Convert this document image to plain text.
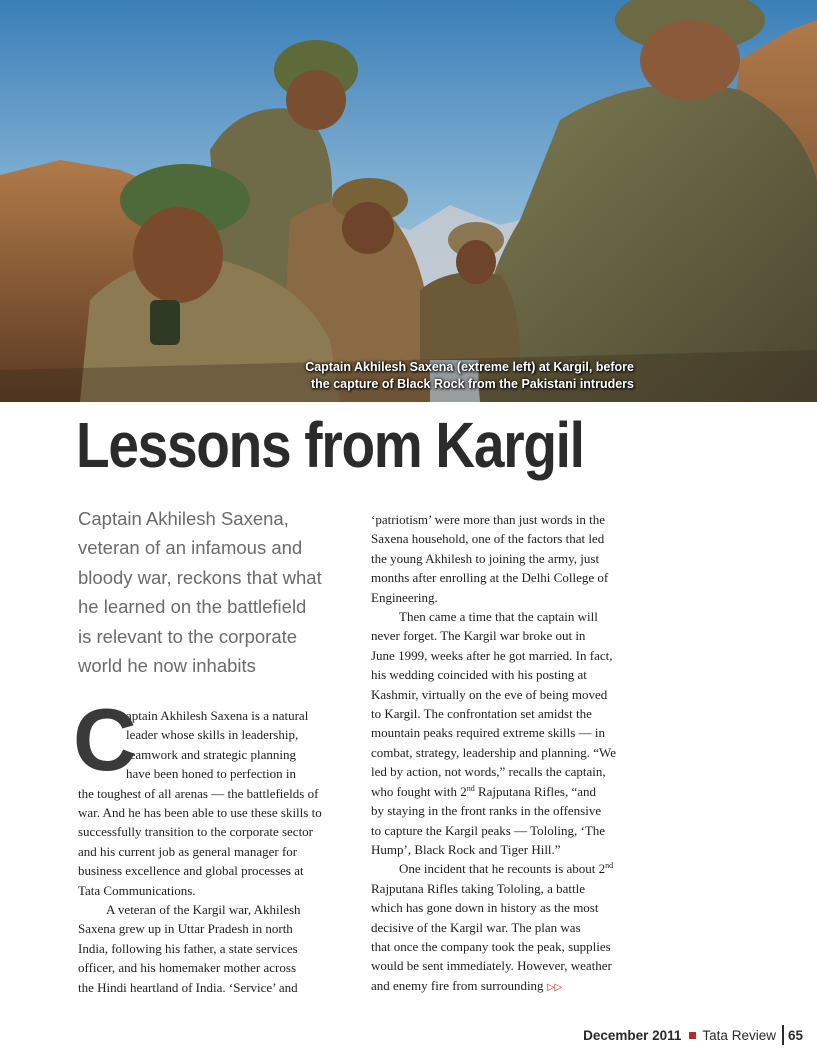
Captain Akhilesh Saxena (extreme left) at Kargil, before
the capture of Black Rock from the Pakistani intruders
Lessons from Kargil
Captain Akhilesh Saxena,
veteran of an infamous and
bloody war, reckons that what
he learned on the battlefield
is relevant to the corporate
world he now inhabits
C
aptain Akhilesh Saxena is a natural
leader whose skills in leadership,
teamwork and strategic planning
have been honed to perfection in
the toughest of all arenas — the battlefields of
war. And he has been able to use these skills to
successfully transition to the corporate sector
and his current job as general manager for
business excellence and global processes at
Tata Communications.
A veteran of the Kargil war, Akhilesh
Saxena grew up in Uttar Pradesh in north
India, following his father, a state services
officer, and his homemaker mother across
the Hindi heartland of India. ‘Service’ and
‘patriotism’ were more than just words in the
Saxena household, one of the factors that led
the young Akhilesh to joining the army, just
months after enrolling at the Delhi College of
Engineering.
Then came a time that the captain will
never forget. The Kargil war broke out in
June 1999, weeks after he got married. In fact,
his wedding coincided with his posting at
Kashmir, virtually on the eve of being moved
to Kargil. The confrontation set amidst the
mountain peaks required extreme skills — in
combat, strategy, leadership and planning. “We
led by action, not words,” recalls the captain,
who fought with 2nd Rajputana Rifles, “and
by staying in the front ranks in the offensive
to capture the Kargil peaks — Tololing, ‘The
Hump’, Black Rock and Tiger Hill.”
One incident that he recounts is about 2nd
Rajputana Rifles taking Tololing, a battle
which has gone down in history as the most
decisive of the Kargil war. The plan was
that once the company took the peak, supplies
would be sent immediately. However, weather
and enemy fire from surrounding ▷▷
December 2011 Tata Review 65
